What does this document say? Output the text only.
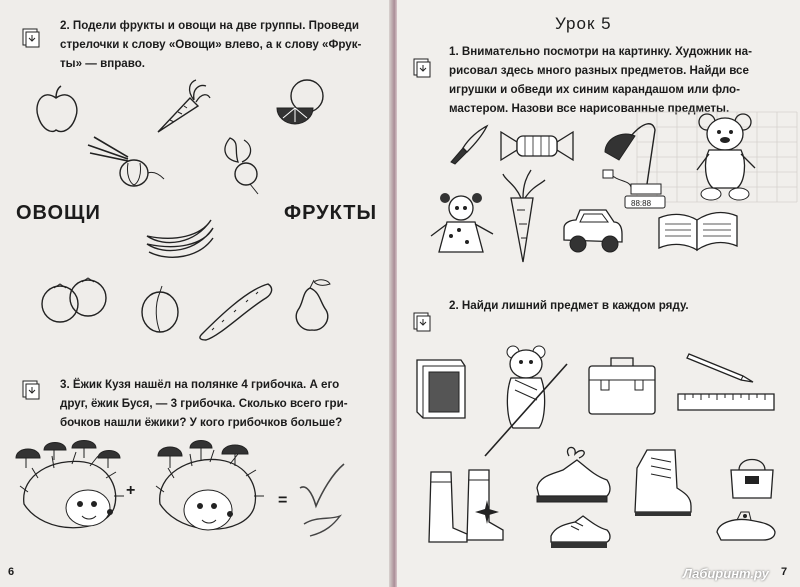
2. Подели фрукты и овощи на две группы. Проведи
стрелочки к слову «Овощи» влево, а к слову «Фрук-
ты» — вправо.
ОВОЩИ	ФРУКТЫ
3. Ёжик Кузя нашёл на полянке 4 грибочка. А его
друг, ёжик Буся, — 3 грибочка. Сколько всего гри-
бочков нашли ёжики? У кого грибочков больше?
+
=
6
Урок 5
1. Внимательно посмотри на картинку. Художник на-
рисовал здесь много разных предметов. Найди все
игрушки и обведи их синим карандашом или фло-
мастером. Назови все нарисованные предметы.
88:88

2. Найди лишний предмет в каждом ряду.
Лабиринт.ру 7
